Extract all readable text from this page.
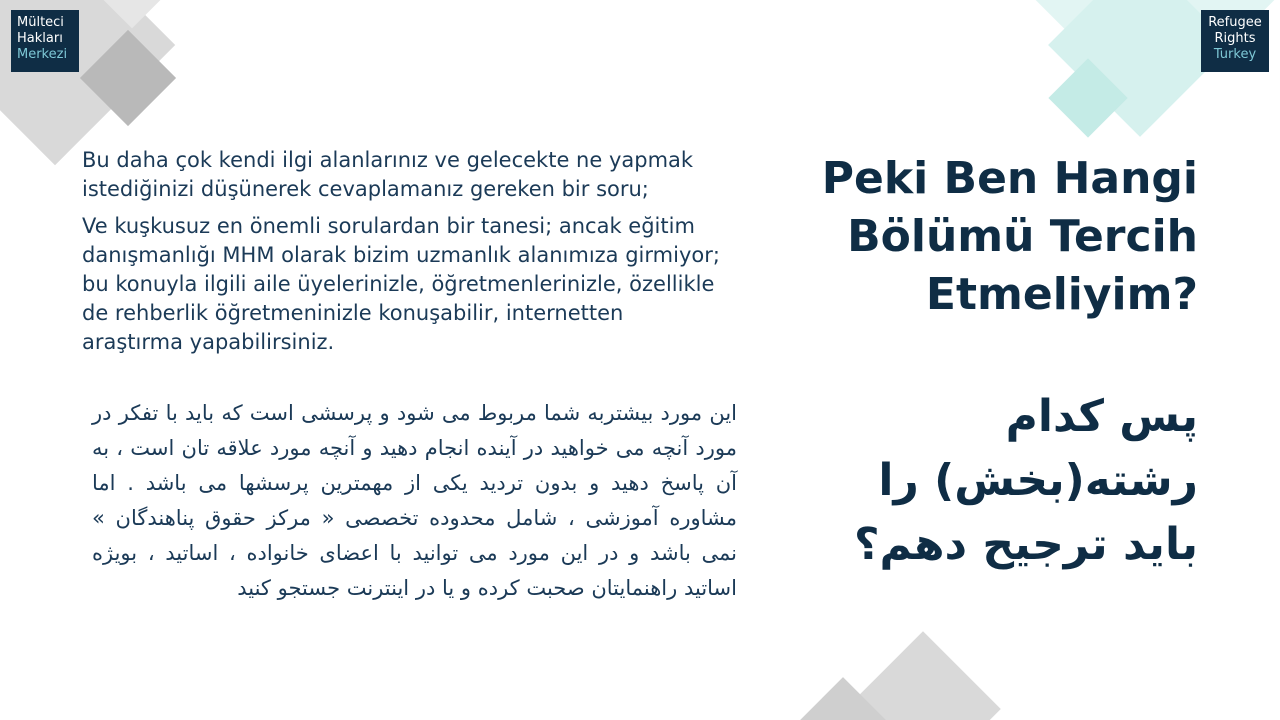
Mülteci
Hakları
Merkezi
Refugee
Rights
Turkey

Bu daha çok kendi ilgi alanlarınız ve gelecekte ne yapmak istediğinizi düşünerek cevaplamanız gereken bir soru;

Ve kuşkusuz en önemli sorulardan bir tanesi; ancak eğitim danışmanlığı MHM olarak bizim uzmanlık alanımıza girmiyor; bu konuyla ilgili aile üyelerinizle, öğretmenlerinizle, özellikle de rehberlik öğretmeninizle konuşabilir, internetten araştırma yapabilirsiniz.

این مورد بیشتربه شما مربوط می شود و پرسشی است که باید با تفکر در مورد آنچه می خواهید در آینده انجام دهید و آنچه مورد علاقه تان است ، به آن پاسخ دهید و بدون تردید یکی از مهمترین پرسشها می باشد . اما مشاوره آموزشی ، شامل محدوده تخصصی « مرکز حقوق پناهندگان » نمی باشد و در این مورد می توانید با اعضای خانواده ، اساتید ، بویژه اساتید راهنمایتان صحبت کرده و یا در اینترنت جستجو کنید
Peki Ben Hangi
Bölümü Tercih
Etmeliyim?
پس کدام
رشته(بخش) را
باید ترجیح دهم؟
